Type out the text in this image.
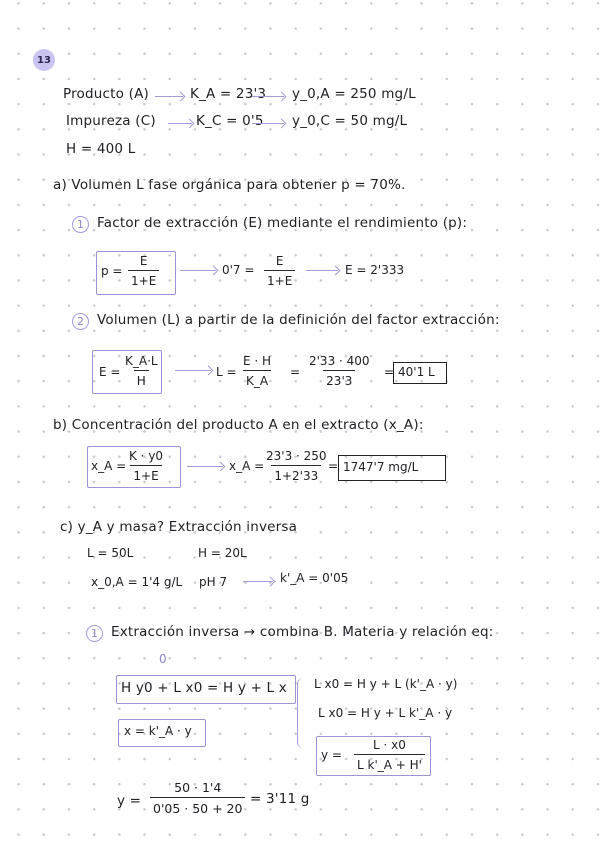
13
Producto (A)	K_A = 23'3 y_0,A = 250 mg/L
Impureza (C)	K_C = 0'5 y_0,C = 50 mg/L
H = 400 L
a) Volumen L fase orgánica para obtener p = 70%.
1 Factor de extracción (E) mediante el rendimiento (p):
$p = \frac{E}{1+E}$	$0'7 = \frac{E}{1+E}$	E = 2'333
2 Volumen (L) a partir de la definición del factor extracción:
$E = \frac{K\_A\cdot L}{H}$	$L = \frac{E \cdot H}{K\_A} = \frac{2'33 \cdot 400}{23'3} = 40'1$ L
b) Concentración del producto A en el extracto (x_A):
x_A = $\frac{K \cdot y0}{1+E}$	x_A =
$\frac{23'3 \cdot 250}{1+2'33}$
= 1747'7 mg/L
c) y_A y masa? Extracción inversa
L = 50L	H = 20L
x_0,A = 1'4 g/L pH 7	k'_A = 0'05
1 Extracción inversa → combina B. Materia y relación eq:
0
H y0 + L x0 = H y + L x
x = k'_A · y
L x0 = H y + L (k'_A · y)
L x0 = H y + L k'_A · y
$y = \frac{L \cdot x0}{\text{L k'\_A + H'}}$
$y = \frac{50 \cdot 1'4}{0'05 \cdot 50 + 20} = 3'11$ g
